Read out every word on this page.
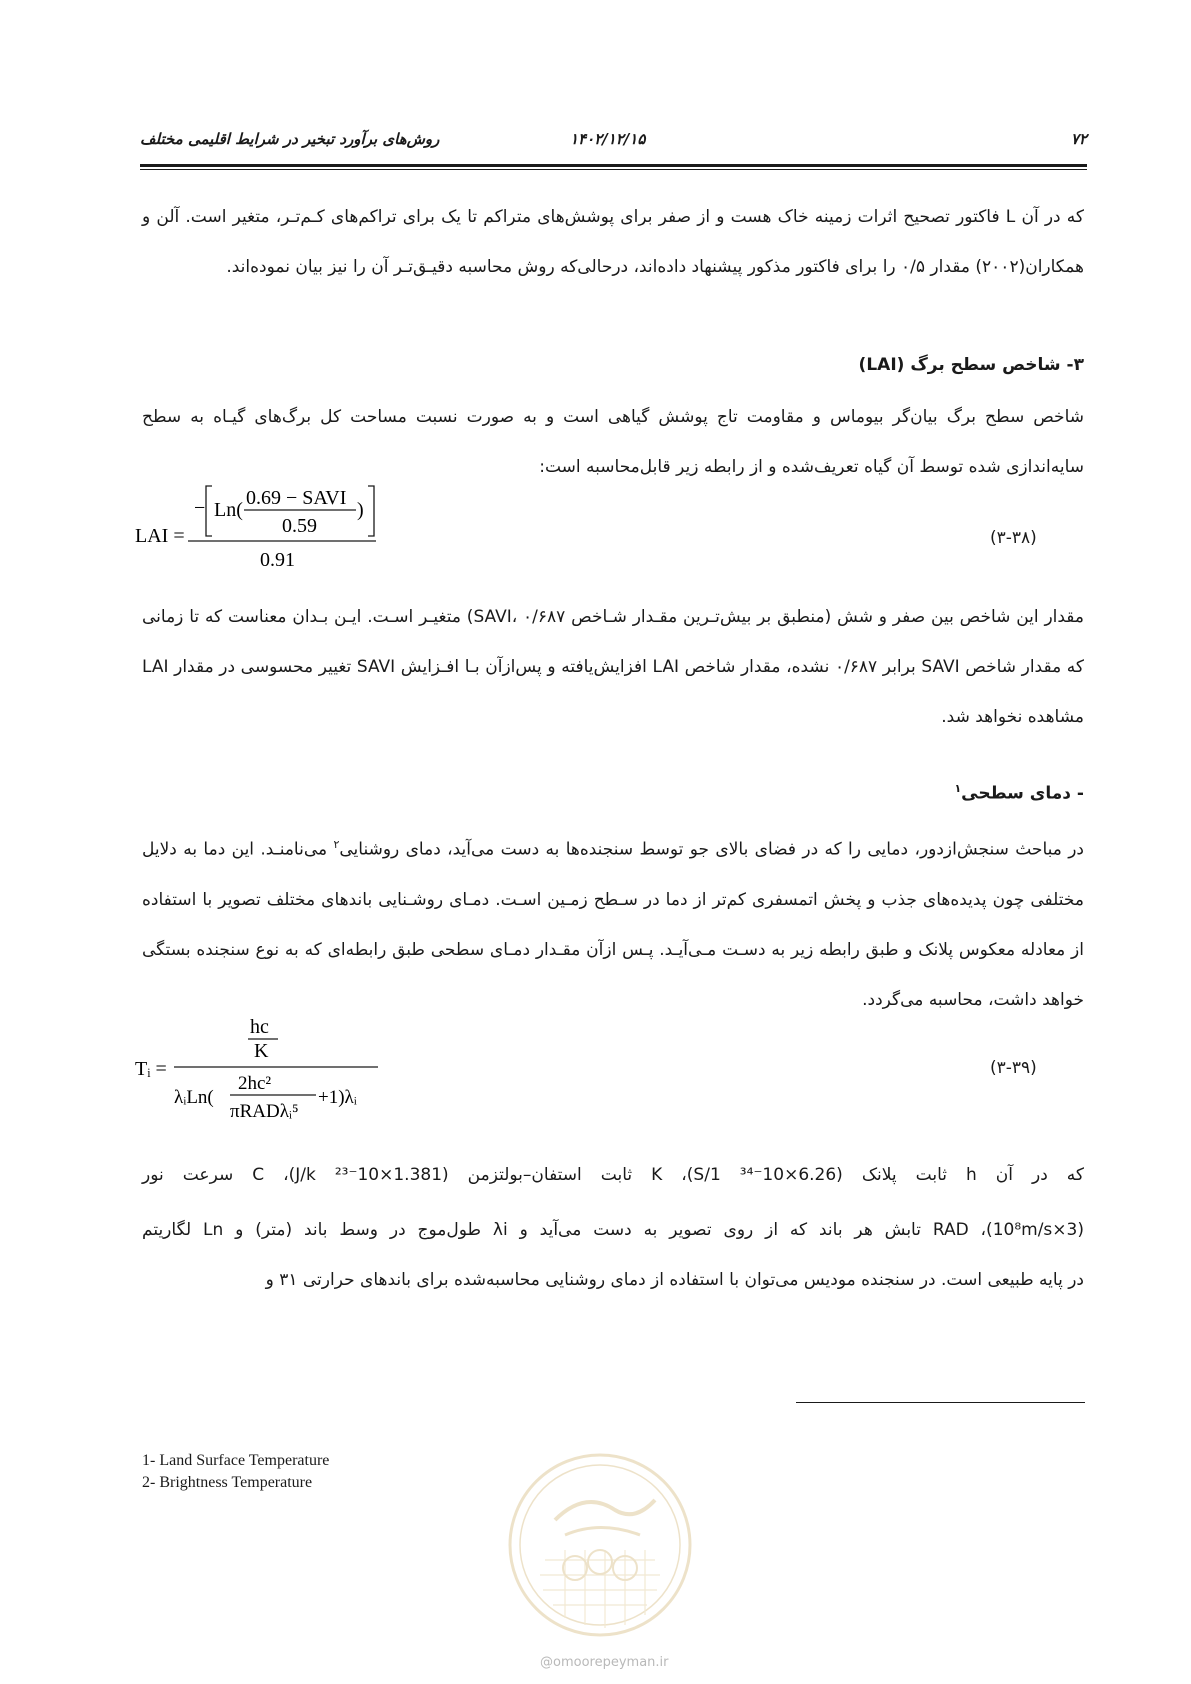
۷۲
۱۴۰۲/۱۲/۱۵
روش‌های برآورد تبخیر در شرایط اقلیمی مختلف
که در آن L فاکتور تصحیح اثرات زمینه خاک هست و از صفر برای پوشش‌های متراکم تا یک برای تراکم‌های کـم‌تـر، متغیر است. آلن و همکاران(۲۰۰۲) مقدار ۰/۵ را برای فاکتور مذکور پیشنهاد داده‌اند، درحالی‌که روش محاسبه دقیـق‌تـر آن را نیز بیان نموده‌اند.
۳- شاخص سطح برگ (LAI)
شاخص سطح برگ بیان‌گر بیوماس و مقاومت تاج پوشش گیاهی است و به صورت نسبت مساحت کل برگ‌های گیـاه به سطح سایه‌اندازی شده توسط آن گیاه تعریف‌شده و از رابطه زیر قابل‌محاسبه است:
LAI =
− Ln(
0.69 − SAVI
0.59
)
0.91
(۳-۳۸)
مقدار این شاخص بین صفر و شش (منطبق بر بیش‌تـرین مقـدار شـاخص SAVI، ۰/۶۸۷) متغیـر اسـت. ایـن بـدان معناست که تا زمانی که مقدار شاخص SAVI برابر ۰/۶۸۷ نشده، مقدار شاخص LAI افزایش‌یافته و پس‌ازآن بـا افـزایش SAVI تغییر محسوسی در مقدار LAI مشاهده نخواهد شد.
- دمای سطحی$^۱$
در مباحث سنجش‌ازدور، دمایی را که در فضای بالای جو توسط سنجنده‌ها به دست می‌آید، دمای روشنایی$^۲$ می‌نامنـد. این دما به دلایل مختلفی چون پدیده‌های جذب و پخش اتمسفری کم‌تر از دما در سـطح زمـین اسـت. دمـای روشـنایی باندهای مختلف تصویر با استفاده از معادله معکوس پلانک و طبق رابطه زیر به دسـت مـی‌آیـد. پـس ازآن مقـدار دمـای سطحی طبق رابطه‌ای که به نوع سنجنده بستگی خواهد داشت، محاسبه می‌گردد.
Tᵢ =
hc
K
λᵢLn(
2hc²
πRADλᵢ⁵
+1)λᵢ
(۳-۳۹)
که در آن h ثابت پلانک (6.26×10⁻³⁴ 1/S)، K ثابت استفان–بولتزمن (1.381×10⁻²³ J/k)، C سرعت نور
(3×10⁸m/s)، RAD تابش هر باند که از روی تصویر به دست می‌آید و λi طول‌موج در وسط باند (متر) و Ln لگاریتم
در پایه طبیعی است. در سنجنده مودیس می‌توان با استفاده از دمای روشنایی محاسبه‌شده برای باندهای حرارتی ۳۱ و
1- Land Surface Temperature
2- Brightness Temperature
@omoorepeyman.ir
